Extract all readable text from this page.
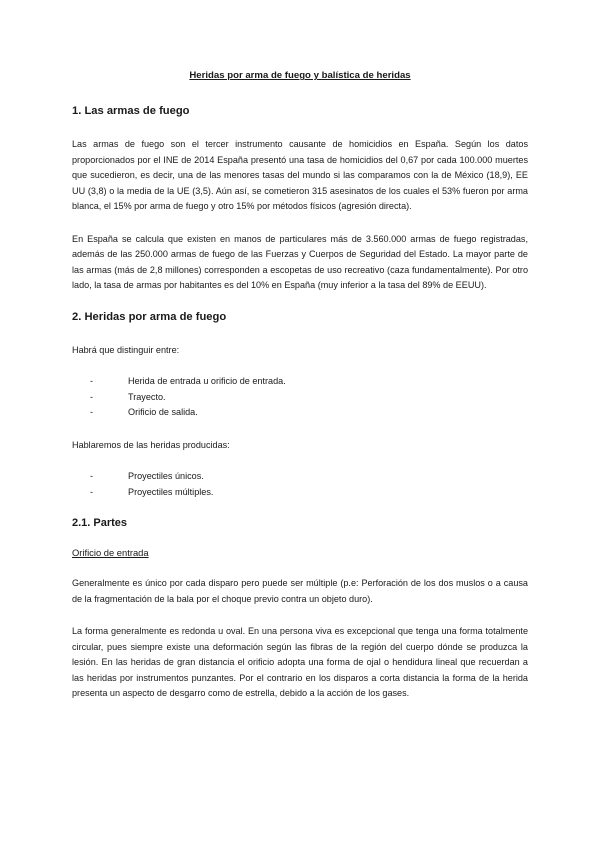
Heridas por arma de fuego y balística de heridas
1. Las armas de fuego

Las armas de fuego son el tercer instrumento causante de homicidios en España. Según los datos proporcionados por el INE de 2014 España presentó una tasa de homicidios del 0,67 por cada 100.000 muertes que sucedieron, es decir, una de las menores tasas del mundo si las comparamos con la de México (18,9), EE UU (3,8) o la media de la UE (3,5). Aún así, se cometieron 315 asesinatos de los cuales el 53% fueron por arma blanca, el 15% por arma de fuego y otro 15% por métodos físicos (agresión directa).

En España se calcula que existen en manos de particulares más de 3.560.000 armas de fuego registradas, además de las 250.000 armas de fuego de las Fuerzas y Cuerpos de Seguridad del Estado. La mayor parte de las armas (más de 2,8 millones) corresponden a escopetas de uso recreativo (caza fundamentalmente). Por otro lado, la tasa de armas por habitantes es del 10% en España (muy inferior a la tasa del 89% de EEUU).

2. Heridas por arma de fuego

Habrá que distinguir entre:

-	Herida de entrada u orificio de entrada.
-	Trayecto.
-	Orificio de salida.

Hablaremos de las heridas producidas:

-	Proyectiles únicos.
-	Proyectiles múltiples.
2.1. Partes
Orificio de entrada

Generalmente es único por cada disparo pero puede ser múltiple (p.e: Perforación de los dos muslos o a causa de la fragmentación de la bala por el choque previo contra un objeto duro).

La forma generalmente es redonda u oval. En una persona viva es excepcional que tenga una forma totalmente circular, pues siempre existe una deformación según las fibras de la región del cuerpo dónde se produzca la lesión. En las heridas de gran distancia el orificio adopta una forma de ojal o hendidura lineal que recuerdan a las heridas por instrumentos punzantes. Por el contrario en los disparos a corta distancia la forma de la herida presenta un aspecto de desgarro como de estrella, debido a la acción de los gases.
